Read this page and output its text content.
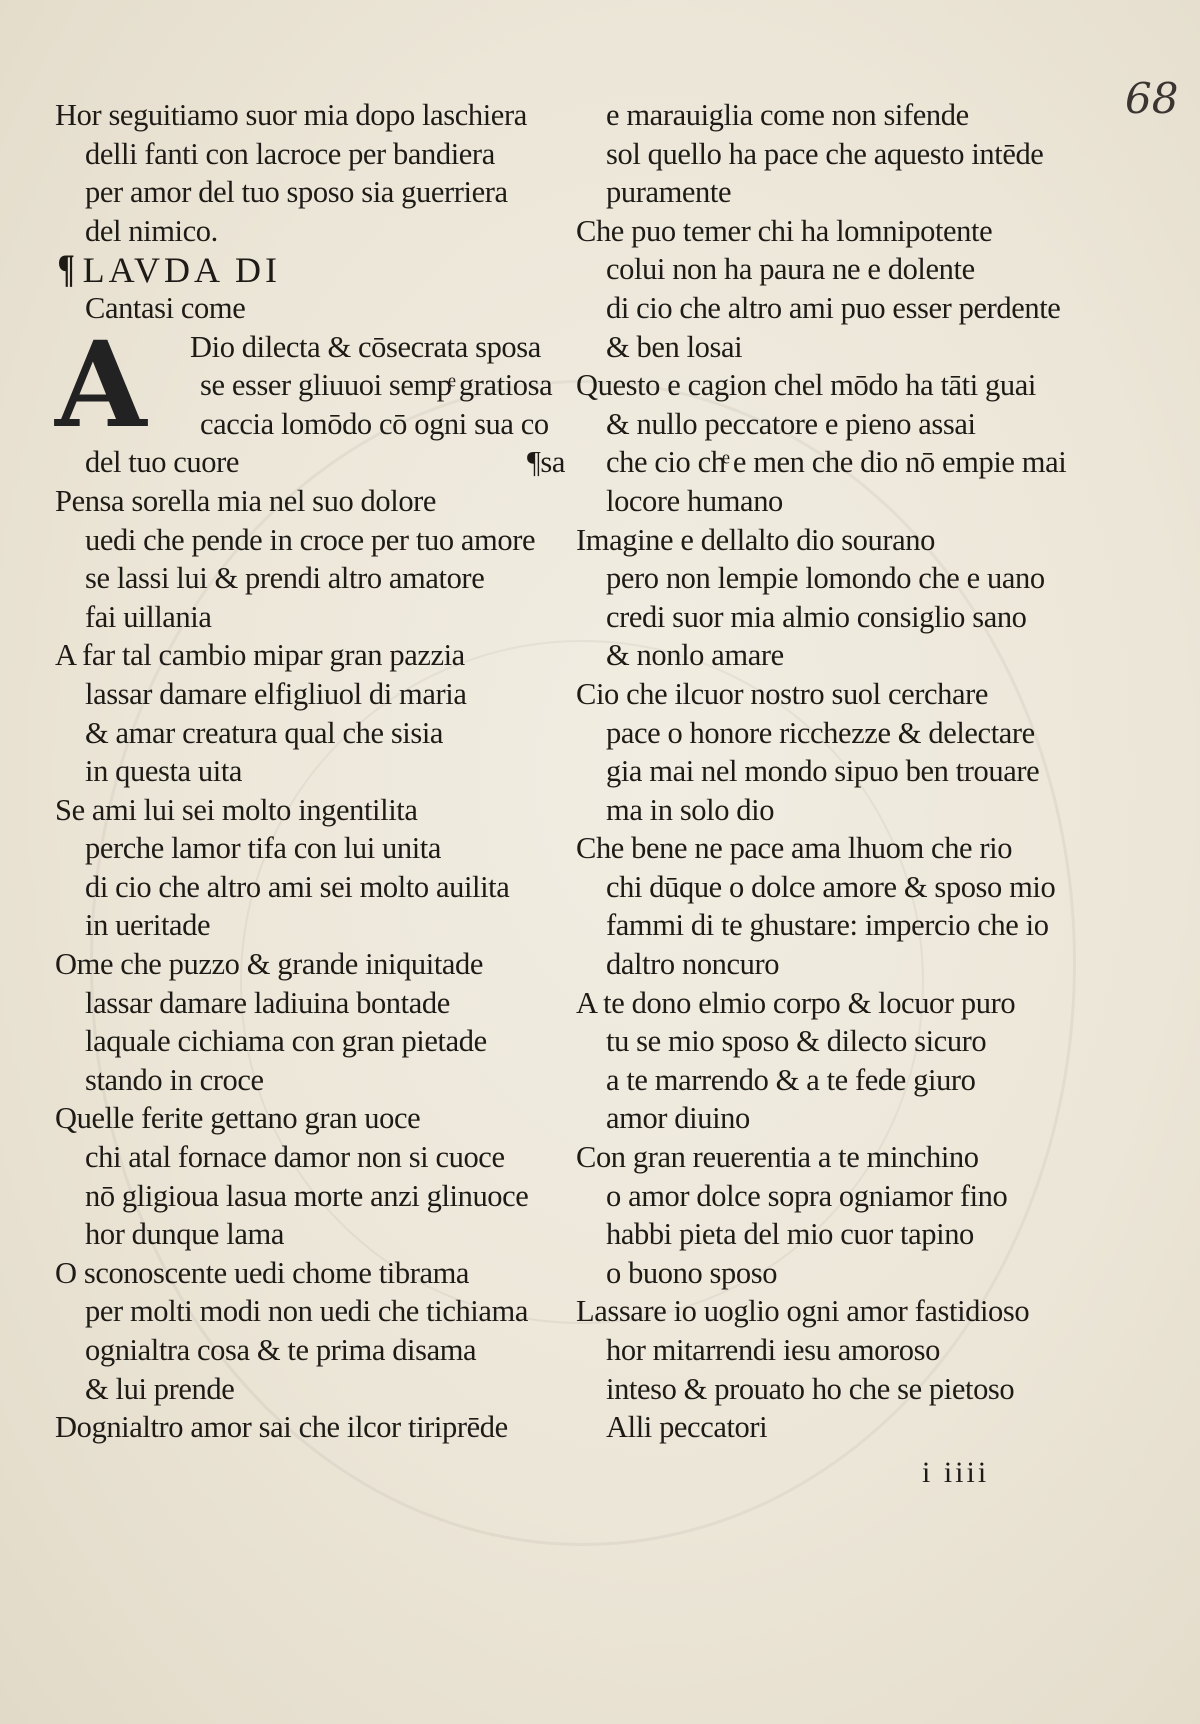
68
Hor seguitiamo suor mia dopo laschiera
delli fanti con lacroce per bandiera
per amor del tuo sposo sia guerriera
del nimico.
¶ LAVDA DI
Cantasi come
A Dio dilecta & cōsecrata sposa
se esser gliuuoi sempͤ gratiosa
caccia lomōdo cō ogni sua co
del tuo cuore	¶sa
Pensa sorella mia nel suo dolore
uedi che pende in croce per tuo amore
se lassi lui & prendi altro amatore
fai uillania
A far tal cambio mipar gran pazzia
lassar damare elfigliuol di maria
& amar creatura qual che sisia
in questa uita
Se ami lui sei molto ingentilita
perche lamor tifa con lui unita
di cio che altro ami sei molto auilita
in ueritade
Ome che puzzo & grande iniquitade
lassar damare ladiuina bontade
laquale cichiama con gran pietade
stando in croce
Quelle ferite gettano gran uoce
chi atal fornace damor non si cuoce
nō gligioua lasua morte anzi glinuoce
hor dunque lama
O sconoscente uedi chome tibrama
per molti modi non uedi che tichiama
ognialtra cosa & te prima disama
& lui prende
Dognialtro amor sai che ilcor tiriprēde
e marauiglia come non sifende
sol quello ha pace che aquesto intēde
puramente
Che puo temer chi ha lomnipotente
colui non ha paura ne e dolente
di cio che altro ami puo esser perdente
& ben losai
Questo e cagion chel mōdo ha tāti guai
& nullo peccatore e pieno assai
che cio chͤ e men che dio nō empie mai
locore humano
Imagine e dellalto dio sourano
pero non lempie lomondo che e uano
credi suor mia almio consiglio sano
& nonlo amare
Cio che ilcuor nostro suol cerchare
pace o honore ricchezze & delectare
gia mai nel mondo sipuo ben trouare
ma in solo dio
Che bene ne pace ama lhuom che rio
chi dūque o dolce amore & sposo mio
fammi di te ghustare: impercio che io
daltro noncuro
A te dono elmio corpo & locuor puro
tu se mio sposo & dilecto sicuro
a te marrendo & a te fede giuro
amor diuino
Con gran reuerentia a te minchino
o amor dolce sopra ogniamor fino
habbi pieta del mio cuor tapino
o buono sposo
Lassare io uoglio ogni amor fastidioso
hor mitarrendi iesu amoroso
inteso & prouato ho che se pietoso
Alli peccatori
i iiii
